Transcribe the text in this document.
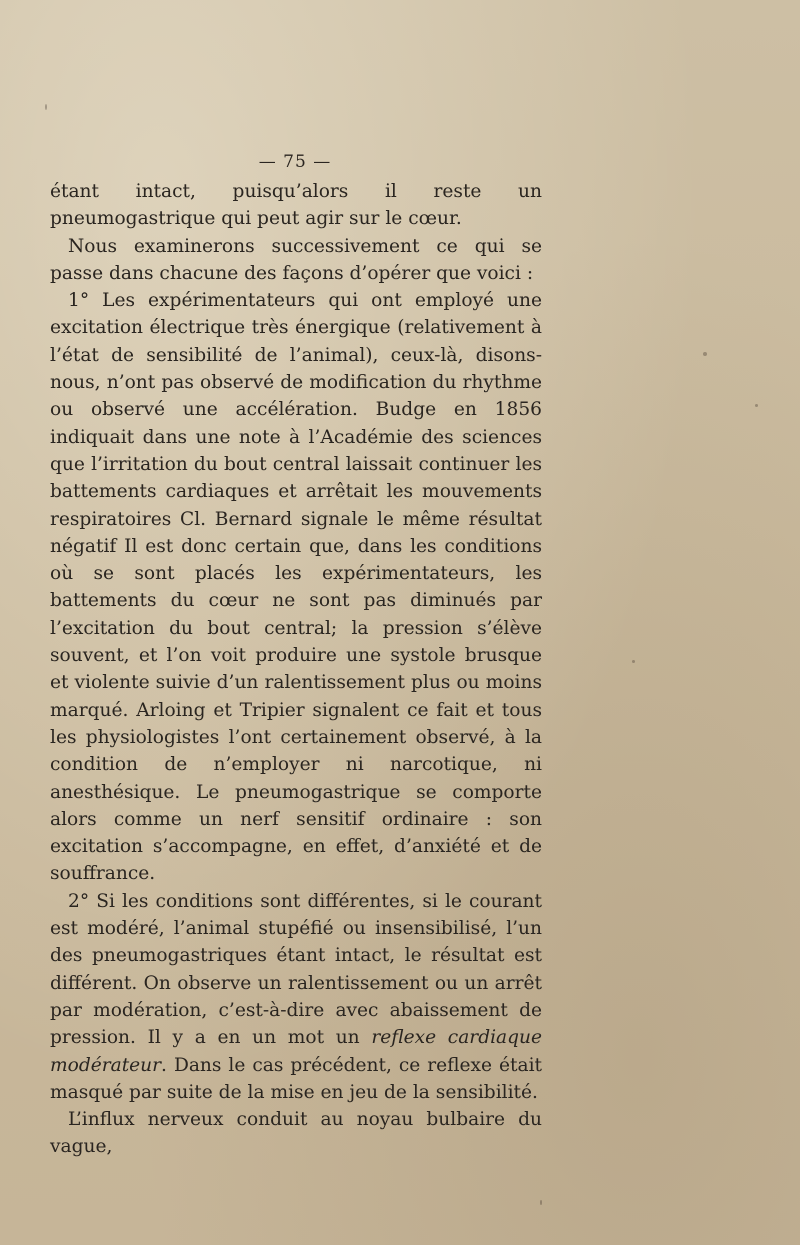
— 75 —

étant intact, puisqu’alors il reste un pneumogastrique qui peut agir sur le cœur.

Nous examinerons successivement ce qui se passe dans chacune des façons d’opérer que voici :

1° Les expérimentateurs qui ont employé une excitation électrique très énergique (relativement à l’état de sensibilité de l’animal), ceux-là, disons-nous, n’ont pas observé de modification du rhythme ou observé une accélération. Budge en 1856 indiquait dans une note à l’Académie des sciences que l’irritation du bout central laissait continuer les battements cardiaques et arrêtait les mouvements respiratoires Cl. Bernard signale le même résultat négatif Il est donc certain que, dans les conditions où se sont placés les expérimentateurs, les battements du cœur ne sont pas diminués par l’excitation du bout central; la pression s’élève souvent, et l’on voit produire une systole brusque et violente suivie d’un ralentissement plus ou moins marqué. Arloing et Tripier signalent ce fait et tous les physiologistes l’ont certainement observé, à la condition de n’employer ni narcotique, ni anesthésique. Le pneumogastrique se comporte alors comme un nerf sensitif ordinaire : son excitation s’accompagne, en effet, d’anxiété et de souffrance.

2° Si les conditions sont différentes, si le courant est modéré, l’animal stupéfié ou insensibilisé, l’un des pneumogastriques étant intact, le résultat est différent. On observe un ralentissement ou un arrêt par modération, c’est-à-dire avec abaissement de pression. Il y a en un mot un reflexe cardiaque modérateur. Dans le cas précédent, ce reflexe était masqué par suite de la mise en jeu de la sensibilité.

L’influx nerveux conduit au noyau bulbaire du vague,
